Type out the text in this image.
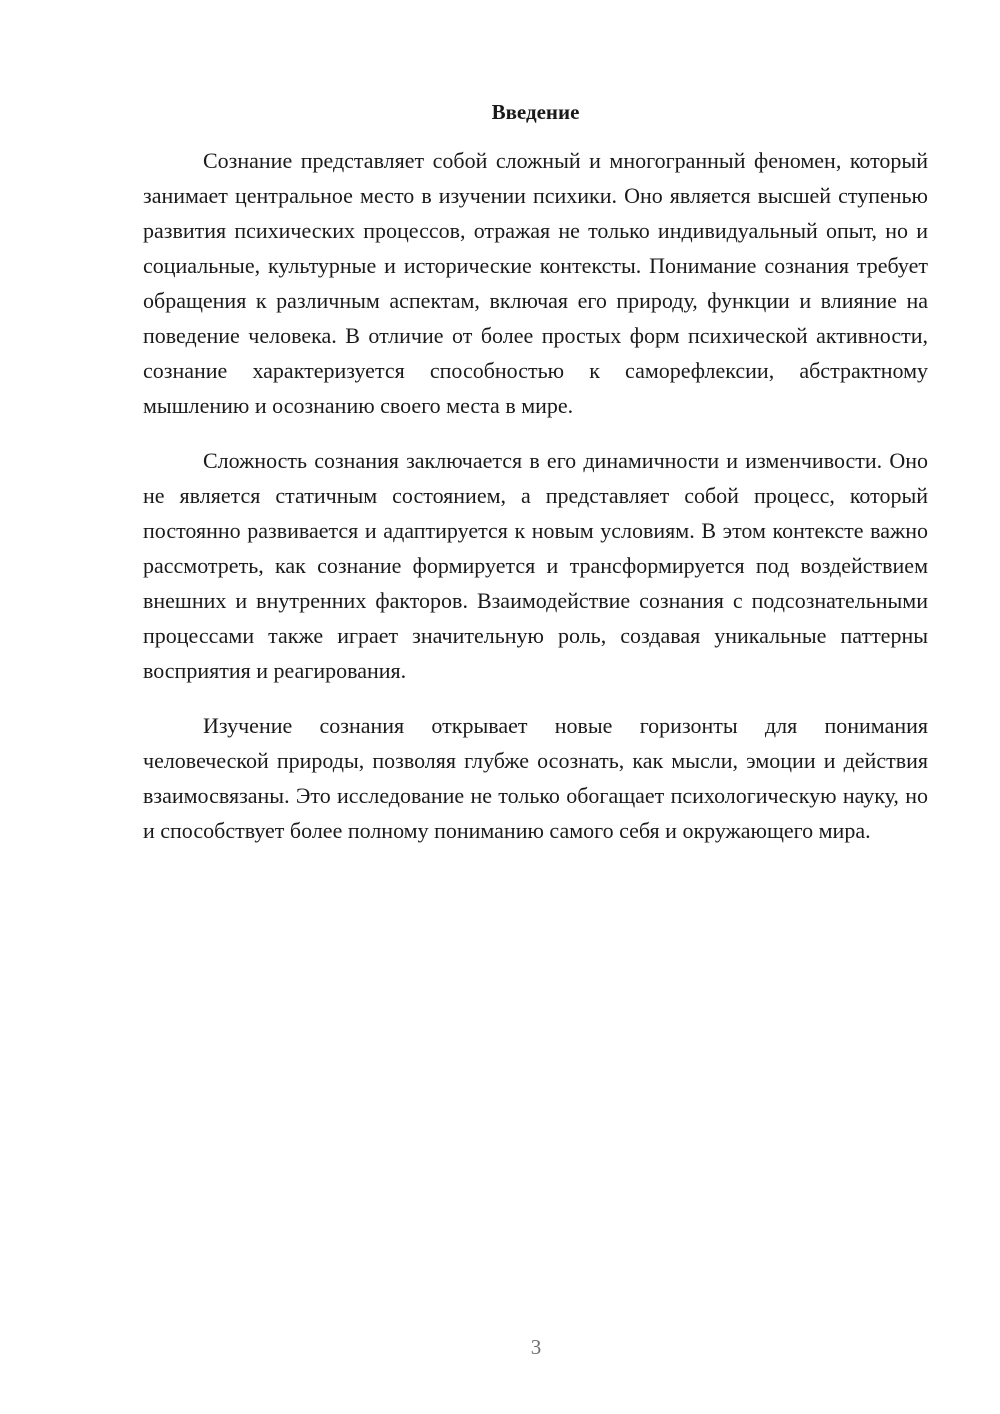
Введение

Сознание представляет собой сложный и многогранный феномен, который занимает центральное место в изучении психики. Оно является высшей ступенью развития психических процессов, отражая не только индивидуальный опыт, но и социальные, культурные и исторические контексты. Понимание сознания требует обращения к различным аспектам, включая его природу, функции и влияние на поведение человека. В отличие от более простых форм психической активности, сознание характеризуется способностью к саморефлексии, абстрактному мышлению и осознанию своего места в мире.

Сложность сознания заключается в его динамичности и изменчивости. Оно не является статичным состоянием, а представляет собой процесс, который постоянно развивается и адаптируется к новым условиям. В этом контексте важно рассмотреть, как сознание формируется и трансформируется под воздействием внешних и внутренних факторов. Взаимодействие сознания с подсознательными процессами также играет значительную роль, создавая уникальные паттерны восприятия и реагирования.

Изучение сознания открывает новые горизонты для понимания человеческой природы, позволяя глубже осознать, как мысли, эмоции и действия взаимосвязаны. Это исследование не только обогащает психологическую науку, но и способствует более полному пониманию самого себя и окружающего мира.

3
